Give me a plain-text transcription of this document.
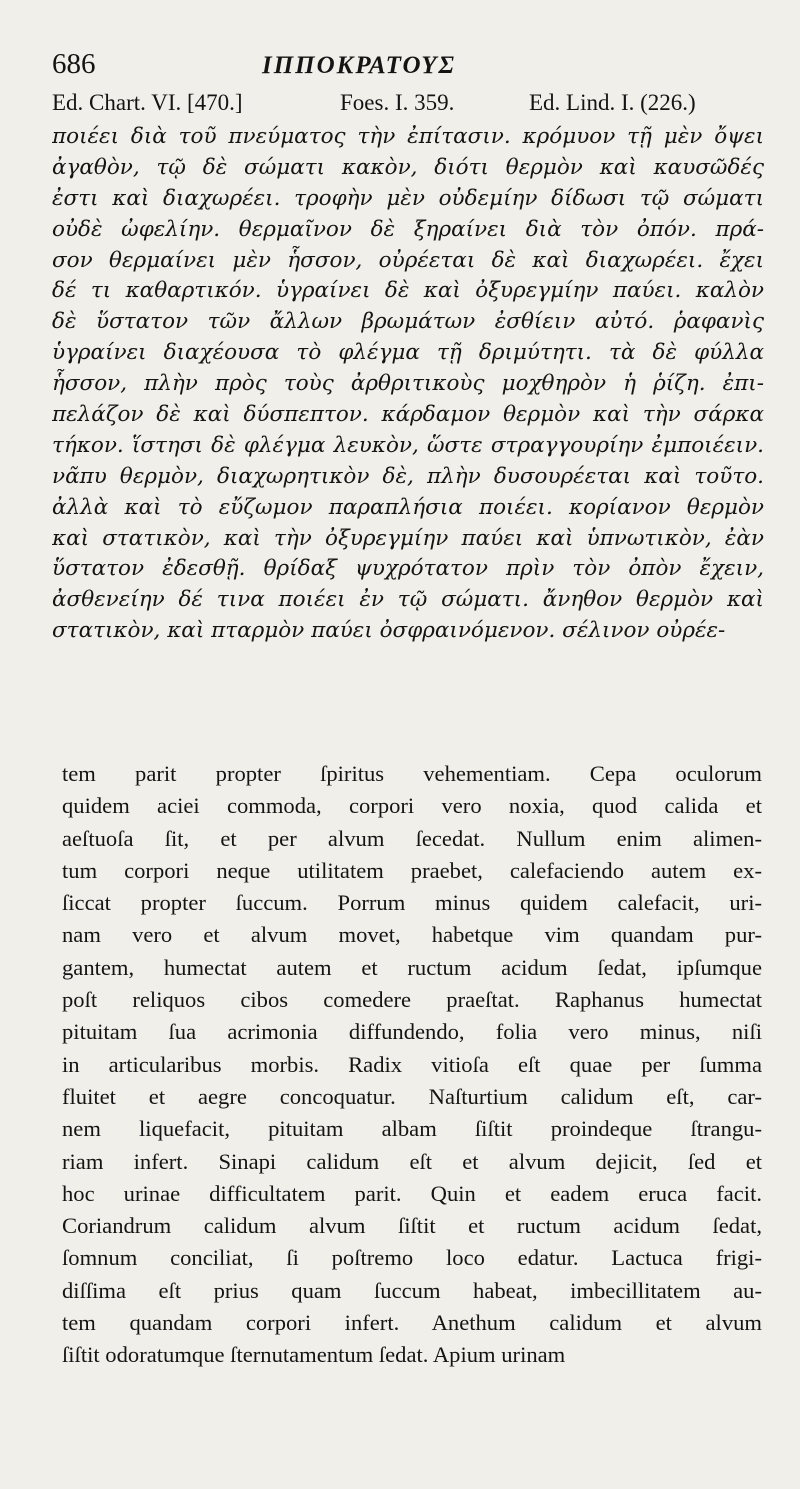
686	ΙΠΠΟΚΡΑΤΟΥΣ
Ed. Chart. VI. [470.]	Foes. I. 359.	Ed. Lind. I. (226.)
ποιέει διὰ τοῦ πνεύματος τὴν ἐπίτασιν. κρόμυον τῇ μὲν ὄψει
ἀγαθὸν, τῷ δὲ σώματι κακὸν, διότι θερμὸν καὶ καυσῶδές
ἐστι καὶ διαχωρέει. τροφὴν μὲν οὐδεμίην δίδωσι τῷ σώματι
οὐδὲ ὠφελίην. θερμαῖνον δὲ ξηραίνει διὰ τὸν ὀπόν. πρά-
σον θερμαίνει μὲν ἧσσον, οὐρέεται δὲ καὶ διαχωρέει. ἔχει
δέ τι καθαρτικόν. ὑγραίνει δὲ καὶ ὀξυρεγμίην παύει. καλὸν
δὲ ὕστατον τῶν ἄλλων βρωμάτων ἐσθίειν αὐτό. ῥαφανὶς
ὑγραίνει διαχέουσα τὸ φλέγμα τῇ δριμύτητι. τὰ δὲ φύλλα
ἧσσον, πλὴν πρὸς τοὺς ἀρθριτικοὺς μοχθηρὸν ἡ ῥίζη. ἐπι-
πελάζον δὲ καὶ δύσπεπτον. κάρδαμον θερμὸν καὶ τὴν σάρκα
τήκον. ἵστησι δὲ φλέγμα λευκὸν, ὥστε στραγγουρίην ἐμποιέειν.
νᾶπυ θερμὸν, διαχωρητικὸν δὲ, πλὴν δυσουρέεται καὶ τοῦτο.
ἀλλὰ καὶ τὸ εὔζωμον παραπλήσια ποιέει. κορίανον θερμὸν
καὶ στατικὸν, καὶ τὴν ὀξυρεγμίην παύει καὶ ὑπνωτικὸν, ἐὰν
ὕστατον ἐδεσθῇ. θρίδαξ ψυχρότατον πρὶν τὸν ὀπὸν ἔχειν,
ἀσθενείην δέ τινα ποιέει ἐν τῷ σώματι. ἄνηθον θερμὸν καὶ
στατικὸν, καὶ πταρμὸν παύει ὀσφραινόμενον. σέλινον οὐρέε-
tem parit propter ſpiritus vehementiam. Cepa oculorum
quidem aciei commoda, corpori vero noxia, quod calida et
aeſtuoſa ſit, et per alvum ſecedat. Nullum enim alimen-
tum corpori neque utilitatem praebet, calefaciendo autem ex-
ſiccat propter ſuccum. Porrum minus quidem calefacit, uri-
nam vero et alvum movet, habetque vim quandam pur-
gantem, humectat autem et ructum acidum ſedat, ipſumque
poſt reliquos cibos comedere praeſtat. Raphanus humectat
pituitam ſua acrimonia diffundendo, folia vero minus, niſi
in articularibus morbis. Radix vitioſa eſt quae per ſumma
fluitet et aegre concoquatur. Naſturtium calidum eſt, car-
nem liquefacit, pituitam albam ſiſtit proindeque ſtrangu-
riam infert. Sinapi calidum eſt et alvum dejicit, ſed et
hoc urinae difficultatem parit. Quin et eadem eruca facit.
Coriandrum calidum alvum ſiſtit et ructum acidum ſedat,
ſomnum conciliat, ſi poſtremo loco edatur. Lactuca frigi-
diſſima eſt prius quam ſuccum habeat, imbecillitatem au-
tem quandam corpori infert. Anethum calidum et alvum
ſiſtit odoratumque ſternutamentum ſedat. Apium urinam
